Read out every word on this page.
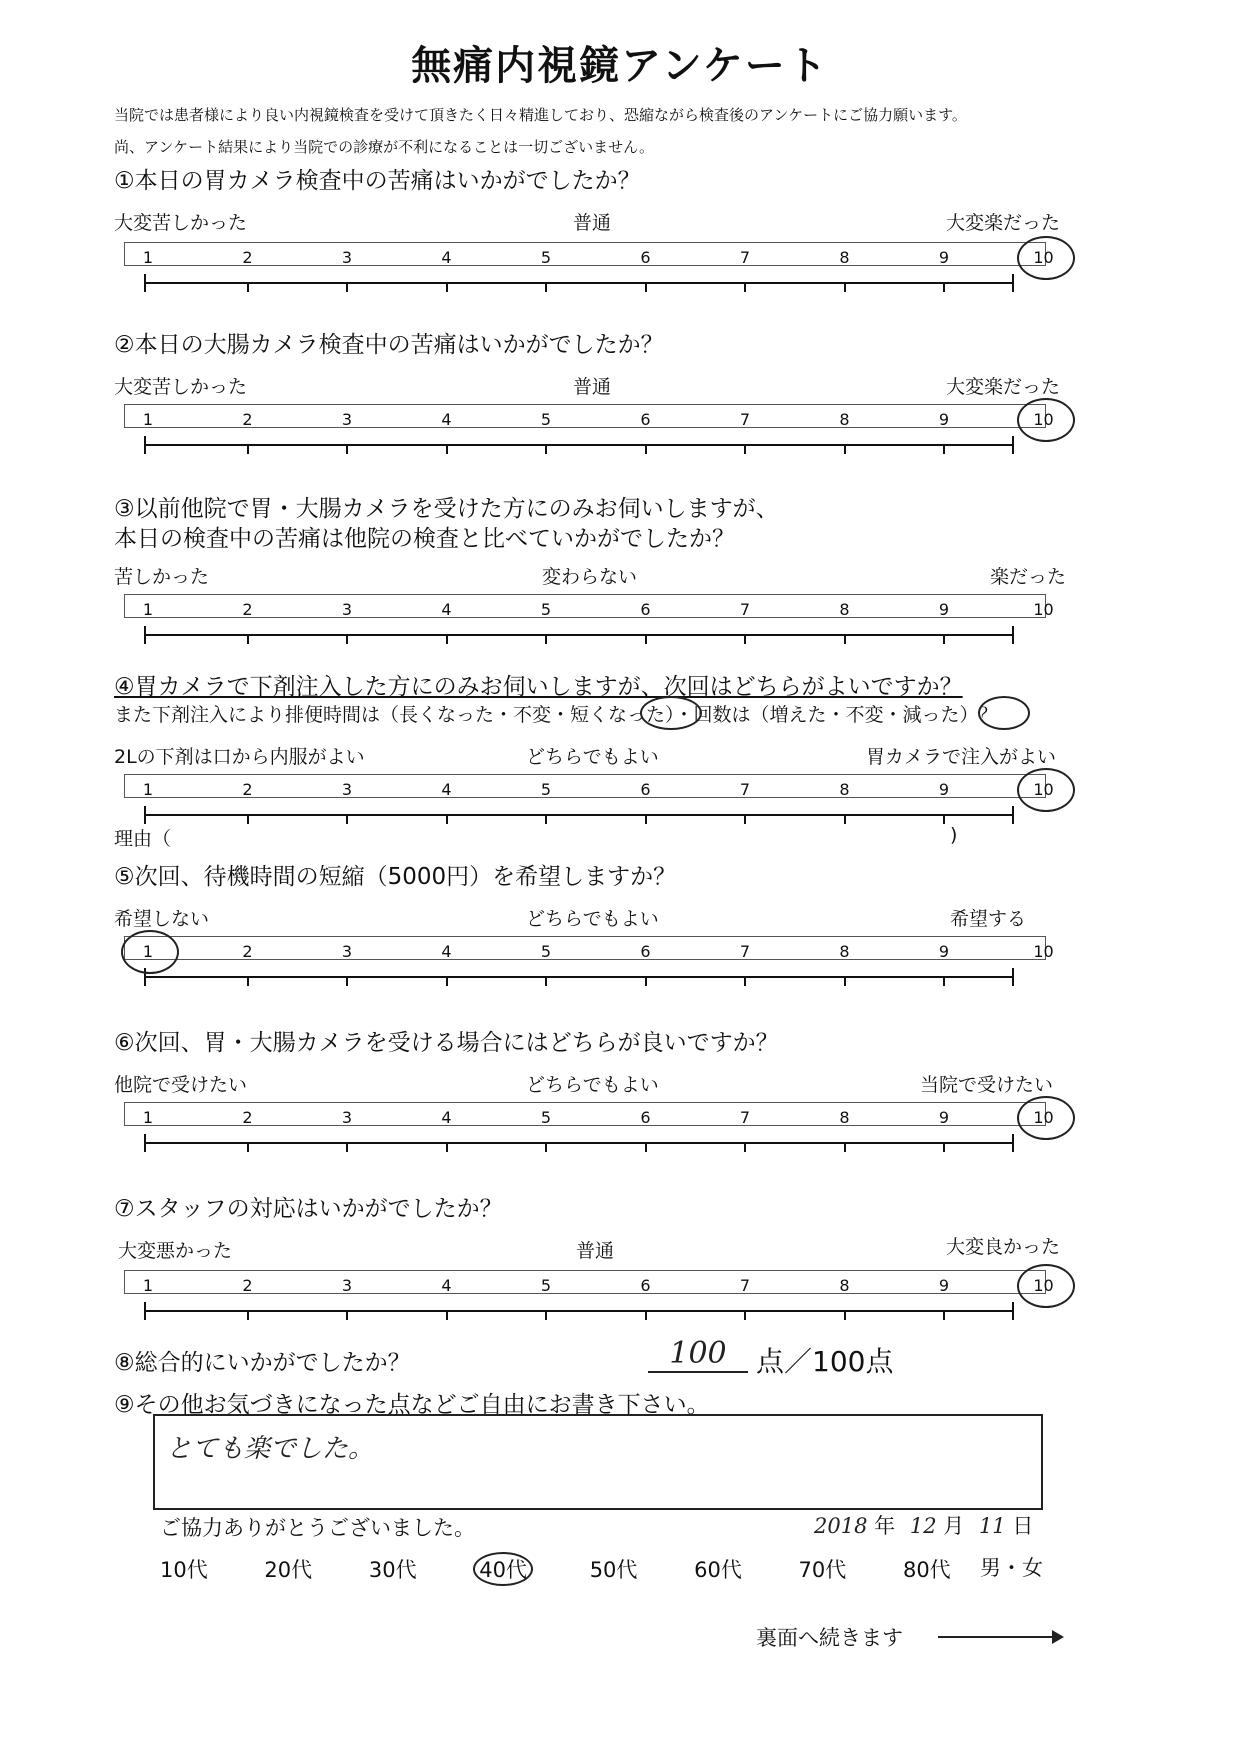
無痛内視鏡アンケート
当院では患者様により良い内視鏡検査を受けて頂きたく日々精進しており、恐縮ながら検査後のアンケートにご協力願います。
尚、アンケート結果により当院での診療が不利になることは一切ございません。
①本日の胃カメラ検査中の苦痛はいかがでしたか？
大変苦しかった	普通	大変楽だった
1	2	3	4	5	6	7	8	9	10
②本日の大腸カメラ検査中の苦痛はいかがでしたか？
大変苦しかった	普通	大変楽だった
1	2	3	4	5	6	7	8	9	10
③以前他院で胃・大腸カメラを受けた方にのみお伺いしますが、
本日の検査中の苦痛は他院の検査と比べていかがでしたか？
苦しかった	変わらない	楽だった
1	2	3	4	5	6	7	8	9	10
④胃カメラで下剤注入した方にのみお伺いしますが、次回はどちらがよいですか？
また下剤注入により排便時間は（長くなった・不変・短くなった）・回数は（増えた・不変・減った）？
2Lの下剤は口から内服がよい	どちらでもよい	胃カメラで注入がよい
1	2	3	4	5	6	7	8	9	10
理由（	)
⑤次回、待機時間の短縮（5000円）を希望しますか？
希望しない	どちらでもよい	希望する
1	2	3	4	5	6	7	8	9	10
⑥次回、胃・大腸カメラを受ける場合にはどちらが良いですか？
他院で受けたい	どちらでもよい	当院で受けたい
1	2	3	4	5	6	7	8	9	10
⑦スタッフの対応はいかがでしたか？
大変悪かった	普通	大変良かった
1	2	3	4	5	6	7	8	9	10
⑧総合的にいかがでしたか？	100	点／100点
⑨その他お気づきになった点などご自由にお書き下さい。
とても楽でした。
ご協力ありがとうございました。	2018 年 12 月 11 日
10代	20代	30代	40代	50代	60代	70代	80代	男・女
裏面へ続きます
